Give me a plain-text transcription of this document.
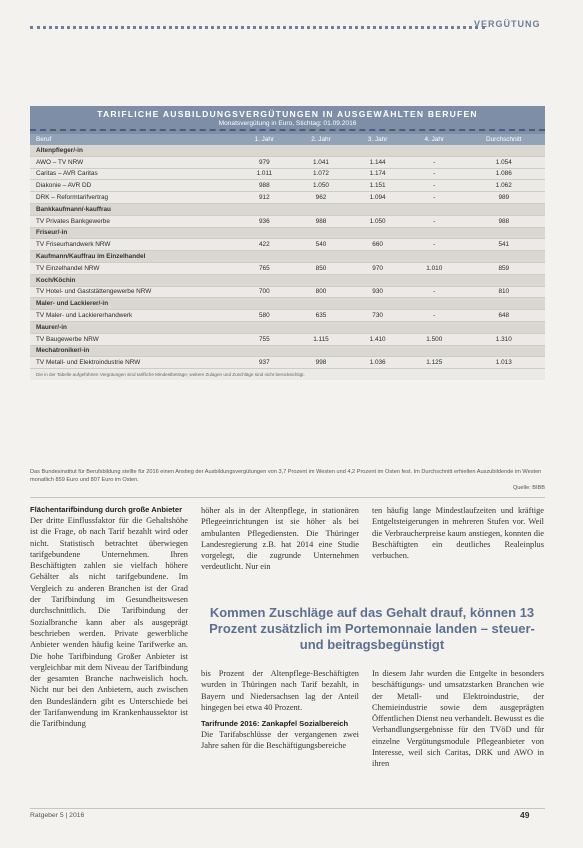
VERGÜTUNG
TARIFLICHE AUSBILDUNGSVERGÜTUNGEN IN AUSGEWÄHLTEN BERUFEN
Monatsvergütung in Euro, Stichtag: 01.09.2016
Beruf	1. Jahr	2. Jahr	3. Jahr	4. Jahr	Durchschnitt
Altenpfleger/-in					
AWO – TV NRW	979	1.041	1.144	-	1.054
Caritas – AVR Caritas	1.011	1.072	1.174	-	1.086
Diakonie – AVR DD	988	1.050	1.151	-	1.062
DRK – Reformtarifvertrag	912	962	1.094	-	989
Bankkaufmann/-kauffrau					
TV Privates Bankgewerbe	936	988	1.050	-	988
Friseur/-in					
TV Friseurhandwerk NRW	422	540	660	-	541
Kaufmann/Kauffrau im Einzelhandel					
TV Einzelhandel NRW	765	850	970	1.010	859
Koch/Köchin					
TV Hotel- und Gaststättengewerbe NRW	700	800	930	-	810
Maler- und Lackierer/-in					
TV Maler- und Lackiererhandwerk	580	635	730	-	648
Maurer/-in					
TV Baugewerbe NRW	755	1.115	1.410	1.500	1.310
Mechatroniker/-in					
TV Metall- und Elektroindustrie NRW	937	998	1.036	1.125	1.013
Die in der Tabelle aufgeführten Vergütungen sind tarifliche Mindestbeträge; weitere Zulagen und Zuschläge sind nicht berücksichtigt.
Das Bundesinstitut für Berufsbildung stellte für 2016 einen Anstieg der Ausbildungsvergütungen von 3,7 Prozent im Westen und 4,2 Prozent im Osten fest. Im Durchschnitt erhielten Auszubildende im Westen monatlich 859 Euro und 807 Euro im Osten.
Quelle: BIBB
Flächentarifbindung durch große Anbieter

Der dritte Einflussfaktor für die Gehaltshöhe ist die Frage, ob nach Tarif bezahlt wird oder nicht. Statistisch betrachtet überwiegen tarifgebundene Unternehmen. Ihren Beschäftigten zahlen sie vielfach höhere Gehälter als nicht tarifgebundene. Im Vergleich zu anderen Branchen ist der Grad der Tarifbindung im Gesundheitswesen durchschnittlich. Die Tarifbindung der Sozialbranche kann aber als ausgeprägt beschrieben werden. Private gewerbliche Anbieter wenden häufig keine Tarifwerke an. Die hohe Tarifbindung Großer Anbieter ist vergleichbar mit dem Niveau der Tarifbindung der gesamten Branche nachweislich hoch. Nicht nur bei den Anbietern, auch zwischen den Bundesländern gibt es Unterschiede bei der Tarifanwendung im Krankenhaussektor ist die Tarifbindung

höher als in der Altenpflege, in stationären Pflegeeinrichtungen ist sie höher als bei ambulanten Pflegediensten. Die Thüringer Landesregierung z.B. hat 2014 eine Studie vorgelegt, die zugrunde Unternehmen verdeutlicht. Nur ein

ten häufig lange Mindestlaufzeiten und kräftige Entgeltsteigerungen in mehreren Stufen vor. Weil die Verbraucherpreise kaum anstiegen, konnten die Beschäftigten ein deutliches Realeinplus verbuchen.

Kommen Zuschläge auf das Gehalt drauf, können 13 Prozent zusätzlich im Portemonnaie landen – steuer- und beitragsbegünstigt

bis Prozent der Altenpflege-Beschäftigten wurden in Thüringen nach Tarif bezahlt, in Bayern und Niedersachsen lag der Anteil hingegen bei etwa 40 Prozent.

Tarifrunde 2016: Zankapfel Sozialbereich

Die Tarifabschlüsse der vergangenen zwei Jahre sahen für die Beschäftigungsbereiche

In diesem Jahr wurden die Entgelte in besonders beschäftigungs- und umsatzstarken Branchen wie der Metall- und Elektroindustrie, der Chemieindustrie sowie dem ausgeprägten Öffentlichen Dienst neu verhandelt. Bewusst es die Verhandlungsergebnisse für den TVöD und für einzelne Vergütungsmodule Pflegeanbieter von Interesse, weil sich Caritas, DRK und AWO in ihren

Ratgeber 5 | 2016	49
